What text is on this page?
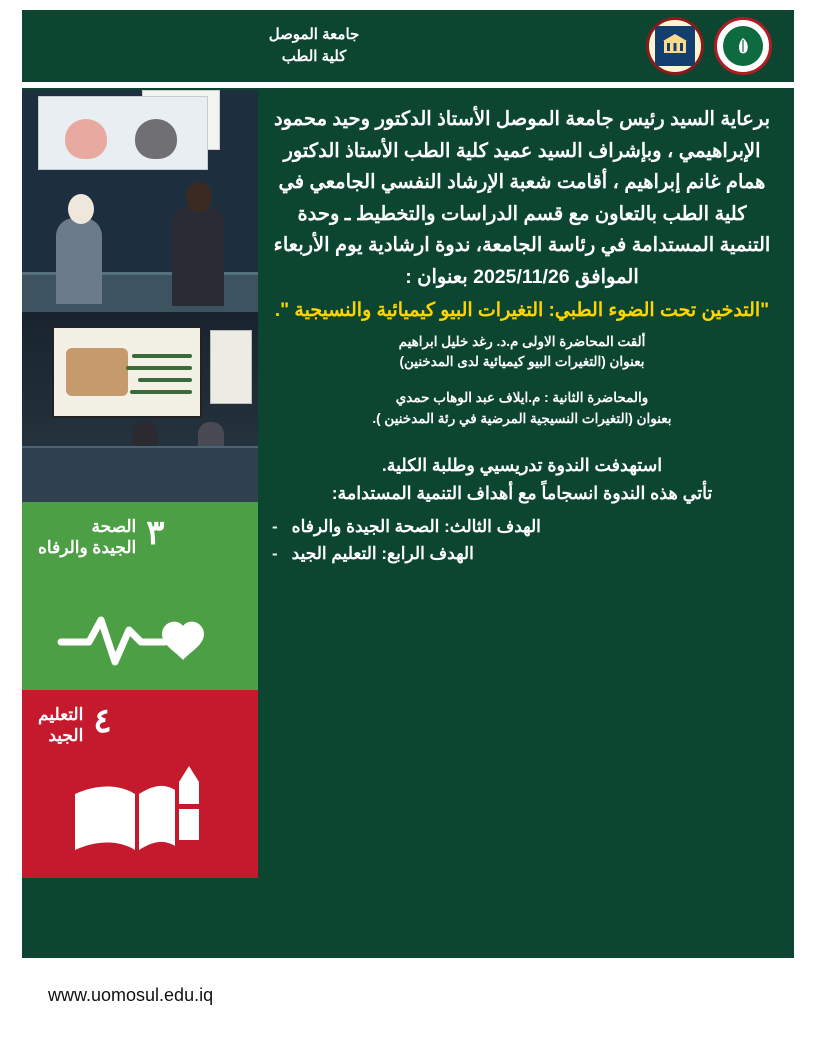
جامعة الموصل
كلية الطب
٣
الصحة
الجيدة والرفاه
٤
التعليم
الجيد
برعاية السيد رئيس جامعة الموصل الأستاذ الدكتور وحيد محمود الإبراهيمي ، وبإشراف السيد عميد كلية الطب الأستاذ الدكتور همام غانم إبراهيم ، أقامت شعبة الإرشاد النفسي الجامعي في كلية الطب بالتعاون مع قسم الدراسات والتخطيط ـ وحدة التنمية المستدامة في رئاسة الجامعة، ندوة ارشادية يوم الأربعاء الموافق 2025/11/26 بعنوان :
"التدخين تحت الضوء الطبي: التغيرات البيو كيميائية والنسيجية ".
ألقت المحاضرة الاولى م.د. رغد خليل ابراهيم
بعنوان (التغيرات البيو كيميائية لدى المدخنين)
والمحاضرة الثانية : م.ايلاف عبد الوهاب حمدي
بعنوان (التغيرات النسيجية المرضية في رئة المدخنين ).
استهدفت الندوة تدريسيي وطلبة الكلية.
تأتي هذه الندوة انسجاماً مع أهداف التنمية المستدامة:
الهدف الثالث: الصحة الجيدة والرفاه
-
الهدف الرابع: التعليم الجيد
-
www.uomosul.edu.iq
